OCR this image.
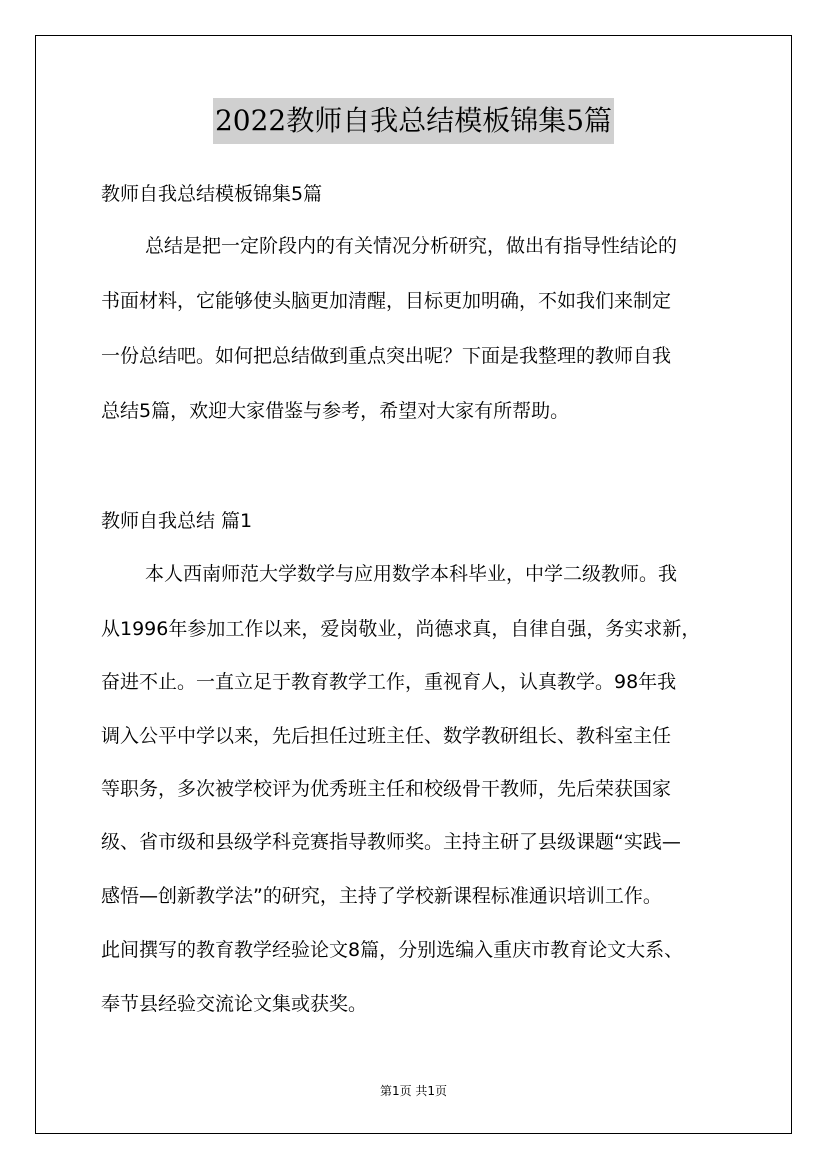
2022教师自我总结模板锦集5篇
教师自我总结模板锦集5篇
总结是把一定阶段内的有关情况分析研究，做出有指导性结论的
书面材料，它能够使头脑更加清醒，目标更加明确，不如我们来制定
一份总结吧。如何把总结做到重点突出呢？下面是我整理的教师自我
总结5篇，欢迎大家借鉴与参考，希望对大家有所帮助。
教师自我总结 篇1
本人西南师范大学数学与应用数学本科毕业，中学二级教师。我
从1996年参加工作以来，爱岗敬业，尚德求真，自律自强，务实求新，
奋进不止。一直立足于教育教学工作，重视育人，认真教学。98年我
调入公平中学以来，先后担任过班主任、数学教研组长、教科室主任
等职务，多次被学校评为优秀班主任和校级骨干教师，先后荣获国家
级、省市级和县级学科竞赛指导教师奖。主持主研了县级课题“实践—
感悟—创新教学法”的研究，主持了学校新课程标准通识培训工作。
此间撰写的教育教学经验论文8篇，分别选编入重庆市教育论文大系、
奉节县经验交流论文集或获奖。
第1页 共1页
